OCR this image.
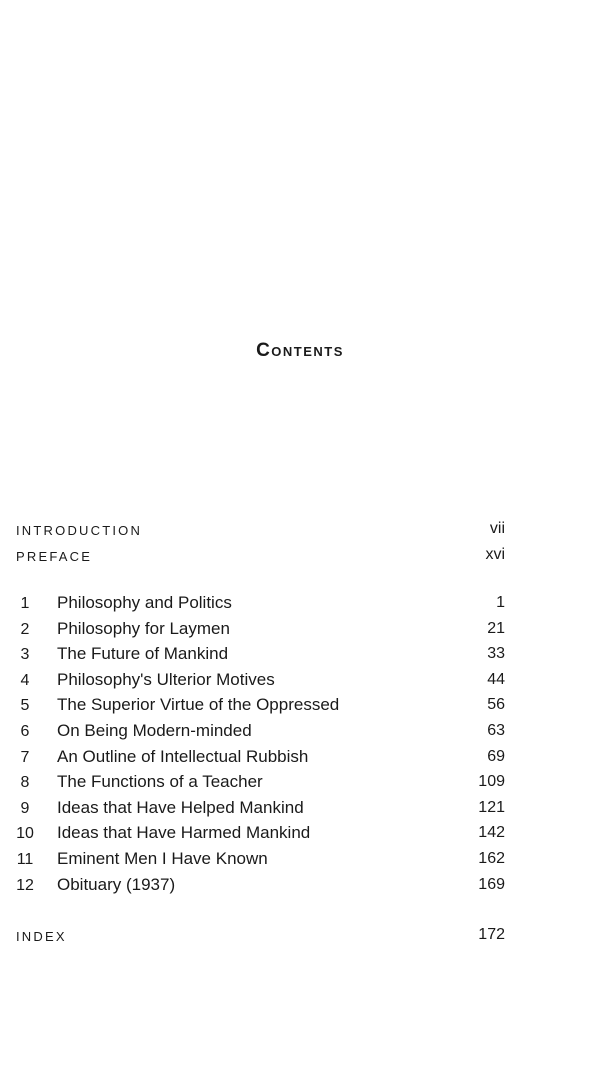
Contents
INTRODUCTION	vii
PREFACE	xvi
1	Philosophy and Politics	1
2	Philosophy for Laymen	21
3	The Future of Mankind	33
4	Philosophy's Ulterior Motives	44
5	The Superior Virtue of the Oppressed	56
6	On Being Modern-minded	63
7	An Outline of Intellectual Rubbish	69
8	The Functions of a Teacher	109
9	Ideas that Have Helped Mankind	121
10 Ideas that Have Harmed Mankind	142
11 Eminent Men I Have Known	162
12 Obituary (1937)	169
INDEX	172
